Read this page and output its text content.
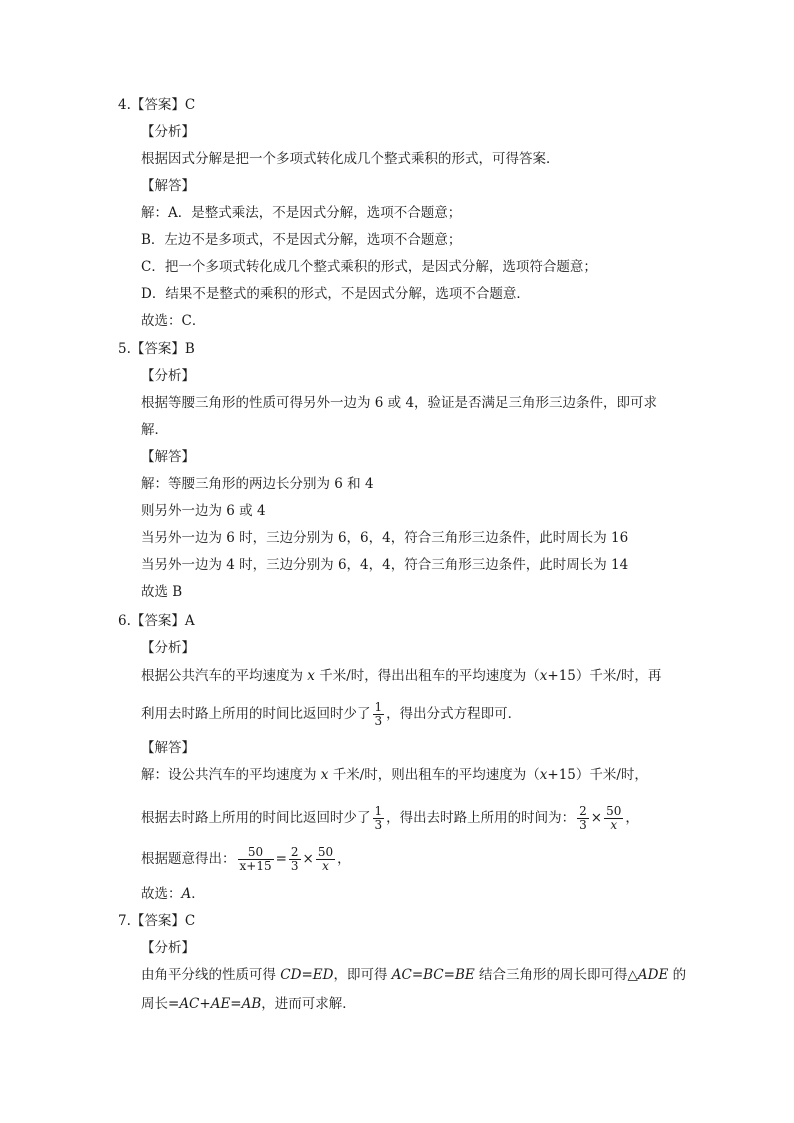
4.【答案】C
【分析】
根据因式分解是把一个多项式转化成几个整式乘积的形式，可得答案．
【解答】
解：A．是整式乘法，不是因式分解，选项不合题意；
B．左边不是多项式，不是因式分解，选项不合题意；
C．把一个多项式转化成几个整式乘积的形式，是因式分解，选项符合题意；
D．结果不是整式的乘积的形式，不是因式分解，选项不合题意．
故选：C．
5.【答案】B
【分析】
根据等腰三角形的性质可得另外一边为 6 或 4，验证是否满足三角形三边条件，即可求
解．
【解答】
解：等腰三角形的两边长分别为 6 和 4
则另外一边为 6 或 4
当另外一边为 6 时，三边分别为 6，6，4，符合三角形三边条件，此时周长为 16
当另外一边为 4 时，三边分别为 6，4，4，符合三角形三边条件，此时周长为 14
故选 B
6.【答案】A
【分析】
根据公共汽车的平均速度为 x 千米/时，得出出租车的平均速度为（x+15）千米/时，再
利用去时路上所用的时间比返回时少了 $\frac{1}{3}$ ，得出分式方程即可．
【解答】
解：设公共汽车的平均速度为 x 千米/时，则出租车的平均速度为（x+15）千米/时，
根据去时路上所用的时间比返回时少了 $\frac{1}{3}$ ，得出去时路上所用的时间为： $\frac{2}{3} \times \frac{50}{x}$ ，
根据题意得出： $\frac{50}{x+15} = \frac{2}{3} \times \frac{50}{x}$ ，
故选：A．
7.【答案】C
【分析】
由角平分线的性质可得 CD=ED，即可得 AC=BC=BE 结合三角形的周长即可得△ADE 的
周长=AC+AE=AB，进而可求解．
